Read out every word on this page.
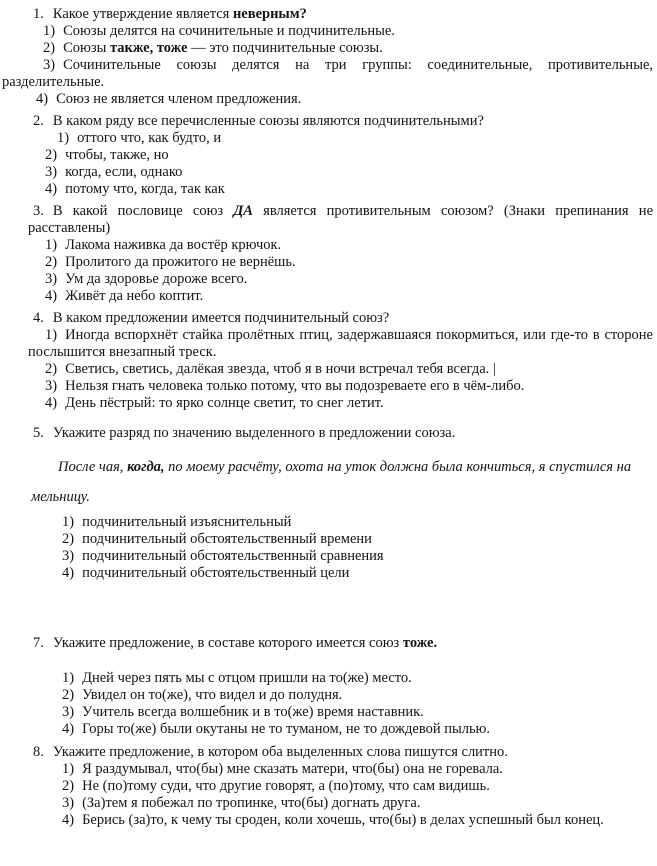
1. Какое утверждение является неверным?

1) Союзы делятся на сочинительные и подчинительные.

2) Союзы также, тоже — это подчинительные союзы.

3) Сочинительные союзы делятся на три группы: соединительные, противительные, разделительные.

4) Союз не является членом предложения.

2. В каком ряду все перечисленные союзы являются подчинительными?

1) оттого что, как будто, и

2) чтобы, также, но

3) когда, если, однако

4) потому что, когда, так как

3. В какой пословице союз ДА является противительным союзом? (Знаки препинания не расставлены)

1) Лакома наживка да востёр крючок.

2) Пролитого да прожитого не вернёшь.

3) Ум да здоровье дороже всего.

4) Живёт да небо коптит.

4. В каком предложении имеется подчинительный союз?

1) Иногда вспорхнёт стайка пролётных птиц, задержавшаяся покормиться, или где-то в стороне послышится внезапный треск.

2) Светись, светись, далёкая звезда, чтоб я в ночи встречал тебя всегда. |

3) Нельзя гнать человека только потому, что вы подозреваете его в чём-либо.

4) День пёстрый: то ярко солнце светит, то снег летит.

5. Укажите разряд по значению выделенного в предложении союза.

После чая, когда, по моему расчёту, охота на уток должна была кончиться, я спустился на мельницу.

1) подчинительный изъяснительный

2) подчинительный обстоятельственный времени

3) подчинительный обстоятельственный сравнения

4) подчинительный обстоятельственный цели

7. Укажите предложение, в составе которого имеется союз тоже.

1) Дней через пять мы с отцом пришли на то(же) место.

2) Увидел он то(же), что видел и до полудня.

3) Учитель всегда волшебник и в то(же) время наставник.

4) Горы то(же) были окутаны не то туманом, не то дождевой пылью.

8. Укажите предложение, в котором оба выделенных слова пишутся слитно.

1) Я раздумывал, что(бы) мне сказать матери, что(бы) она не горевала.

2) Не (по)тому суди, что другие говорят, а (по)тому, что сам видишь.

3) (За)тем я побежал по тропинке, что(бы) догнать друга.

4) Берись (за)то, к чему ты сроден, коли хочешь, что(бы) в делах успешный был конец.
